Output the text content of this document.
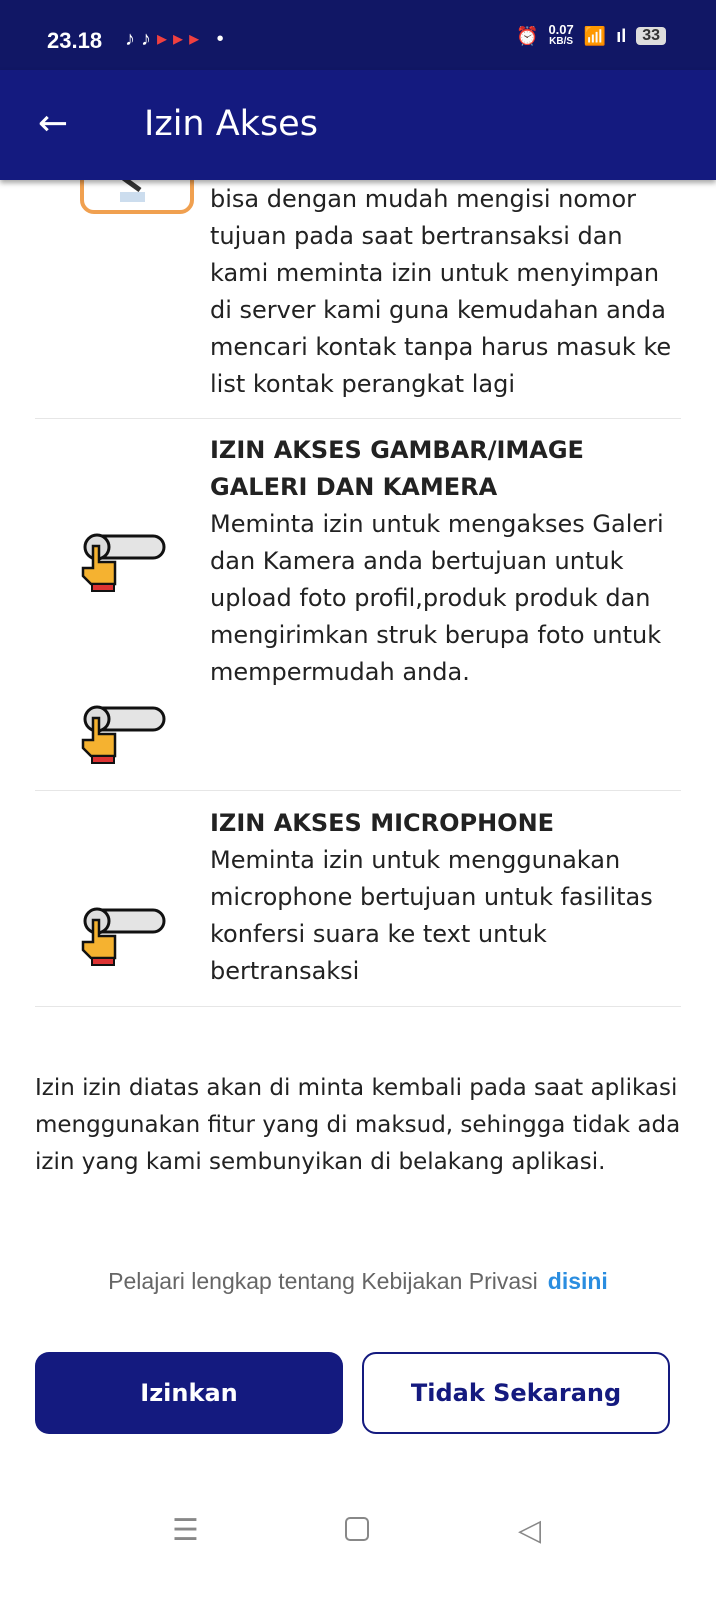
23.18 ♪♪▸▸▸ •	⏰ 0.07
KB/S 📶 ıl	33
← Izin Akses

bisa dengan mudah mengisi nomor tujuan pada saat bertransaksi dan kami meminta izin untuk menyimpan di server kami guna kemudahan anda mencari kontak tanpa harus masuk ke list kontak perangkat lagi

IZIN AKSES GAMBAR/IMAGE GALERI DAN KAMERA

Meminta izin untuk mengakses Galeri dan Kamera anda bertujuan untuk upload foto profil,produk produk dan mengirimkan struk berupa foto untuk mempermudah anda.

IZIN AKSES MICROPHONE

Meminta izin untuk menggunakan microphone bertujuan untuk fasilitas konfersi suara ke text untuk bertransaksi

Izin izin diatas akan di minta kembali pada saat aplikasi menggunakan fitur yang di maksud, sehingga tidak ada izin yang kami sembunyikan di belakang aplikasi.

Pelajari lengkap tentang Kebijakan Privasi disini
Izinkan	Tidak Sekarang
☰	◁
